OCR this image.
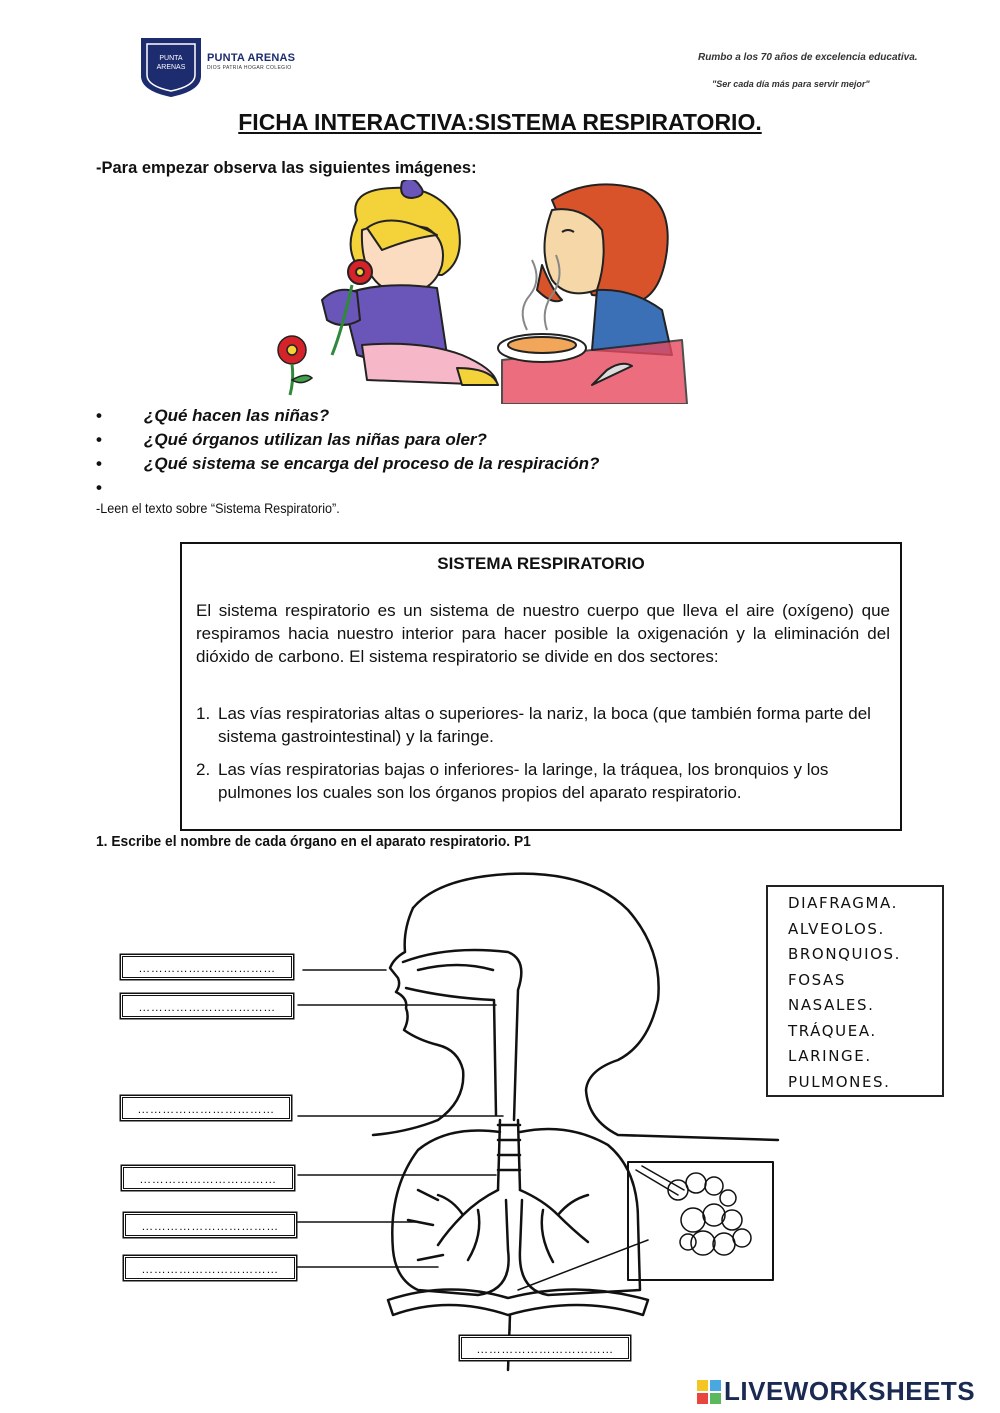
PUNTA
ARENAS
PUNTA ARENAS
DIOS PATRIA HOGAR COLEGIO
Rumbo a los 70 años de excelencia educativa.
"Ser cada día más para servir mejor"
FICHA INTERACTIVA:SISTEMA RESPIRATORIO.
-Para empezar observa las siguientes imágenes:
• ¿Qué hacen las niñas?
• ¿Qué órganos utilizan las niñas para oler?
• ¿Qué sistema se encarga del proceso de la respiración?
•
-Leen el texto sobre “Sistema Respiratorio”.
SISTEMA RESPIRATORIO

El sistema respiratorio es un sistema de nuestro cuerpo que lleva el aire (oxígeno) que respiramos hacia nuestro interior para hacer posible la oxigenación y la eliminación del dióxido de carbono. El sistema respiratorio se divide en dos sectores:

1. Las vías respiratorias altas o superiores- la nariz, la boca (que también forma parte del sistema gastrointestinal) y la faringe.
2. Las vías respiratorias bajas o inferiores- la laringe, la tráquea, los bronquios y los pulmones los cuales son los órganos propios del aparato respiratorio.
1. Escribe el nombre de cada órgano en el aparato respiratorio. P1
……………………………
……………………………
……………………………
……………………………
……………………………
……………………………
……………………………
DIAFRAGMA.
ALVEOLOS.
BRONQUIOS.
FOSAS
NASALES.
TRÁQUEA.
LARINGE.
PULMONES.
LIVEWORKSHEETS
